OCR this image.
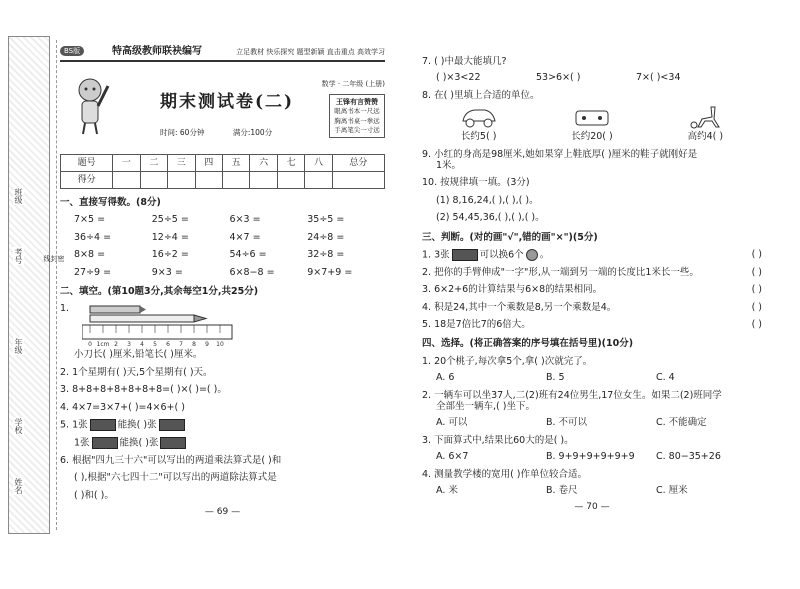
班级
考号
年级
学校
姓名
密
封
线
BS版	特高级教师联袂编写	立足教材 快乐探究 题型新颖 直击重点 高效学习
期末测试卷(二)
时间: 60分钟	满分:100分
数学 · 二年级 (上册)
王锋有言赞赞
眼离书本一尺远
胸离书桌一拳远
手离笔尖一寸远
题号	一	二	三	四	五	六	七	八	总分
得分									
一、直接写得数。(8分)
7×5 =	25÷5 =	6×3 =	35÷5 =
36÷4 =	12÷4 =	4×7 =	24÷8 =
8×8 =	16÷2 =	54÷6 =	32÷8 =
27÷9 =	9×3 =	6×8−8 =	9×7+9 =
二、填空。(第10题3分,其余每空1分,共25分)
1.
0 1cm 2 3 4 5 6 7 8 9 10
小刀长( )厘米,铅笔长( )厘米。
2. 1个星期有( )天,5个星期有( )天。
3. 8+8+8+8+8+8+8=( )×( )=( )。
4. 4×7=3×7+( )=4×6+( )
5. 1张	能换( )张
1张	能换( )张
6. 根据"四九三十六"可以写出的两道乘法算式是( )和
( ),根据"六七四十二"可以写出的两道除法算式是
( )和( )。
— 69 —
7. ( )中最大能填几?
( )×3<22	53>6×( )	7×( )<34
8. 在( )里填上合适的单位。
长约5( )	长约20( )	高约4( )
9. 小红的身高是98厘米,她如果穿上鞋底厚( )厘米的鞋子就刚好是
1米。
10. 按规律填一填。(3分)
(1) 8,16,24,( ),( ),( )。
(2) 54,45,36,( ),( ),( )。
三、判断。(对的画"√",错的画"×")(5分)
1. 3张	可以换6个 。	( )
2. 把你的手臂伸成"一字"形,从一端到另一端的长度比1米长一些。	( )
3. 6×2+6的计算结果与6×8的结果相同。	( )
4. 积是24,其中一个乘数是8,另一个乘数是4。	( )
5. 18是7倍比7的6倍大。	( )
四、选择。(将正确答案的序号填在括号里)(10分)
1. 20个桃子,每次拿5个,拿( )次就完了。
A. 6	B. 5	C. 4
2. 一辆车可以坐37人,二(2)班有24位男生,17位女生。如果二(2)班同学
全部坐一辆车,( )坐下。
A. 可以	B. 不可以	C. 不能确定
3. 下面算式中,结果比60大的是( )。
A. 6×7	B. 9+9+9+9+9+9	C. 80−35+26
4. 测量教学楼的宽用( )作单位较合适。
A. 米	B. 卷尺	C. 厘米
— 70 —
